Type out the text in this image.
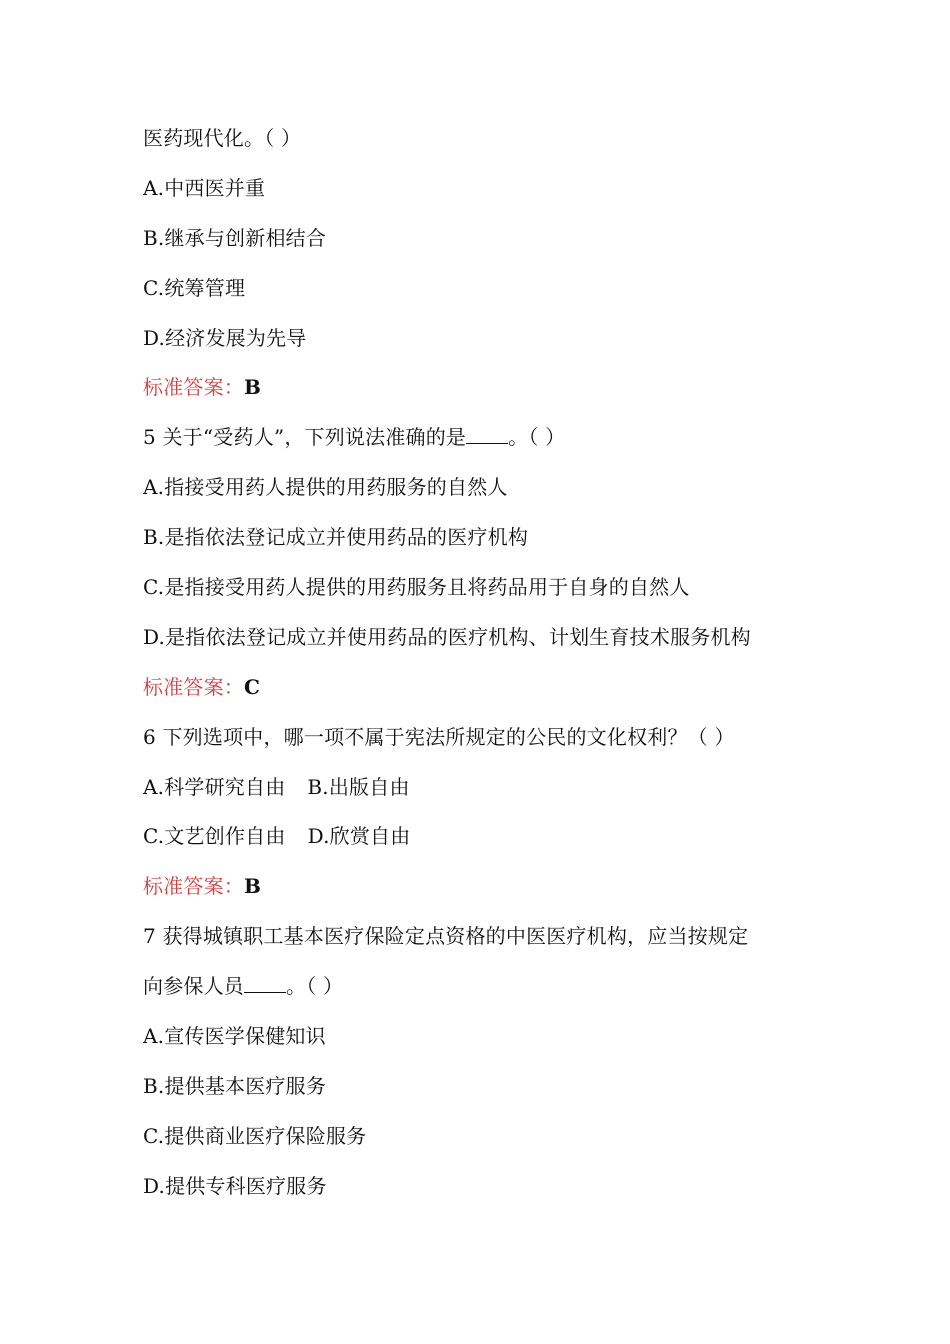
医药现代化。（ ）
A.中西医并重
B.继承与创新相结合
C.统筹管理
D.经济发展为先导
标准答案：B
5 关于“受药人”，下列说法准确的是 。（ ）
A.指接受用药人提供的用药服务的自然人
B.是指依法登记成立并使用药品的医疗机构
C.是指接受用药人提供的用药服务且将药品用于自身的自然人
D.是指依法登记成立并使用药品的医疗机构、计划生育技术服务机构
标准答案：C
6 下列选项中，哪一项不属于宪法所规定的公民的文化权利？（ ）
A.科学研究自由 B.出版自由
C.文艺创作自由 D.欣赏自由
标准答案：B
7 获得城镇职工基本医疗保险定点资格的中医医疗机构，应当按规定
向参保人员 。（ ）
A.宣传医学保健知识
B.提供基本医疗服务
C.提供商业医疗保险服务
D.提供专科医疗服务
